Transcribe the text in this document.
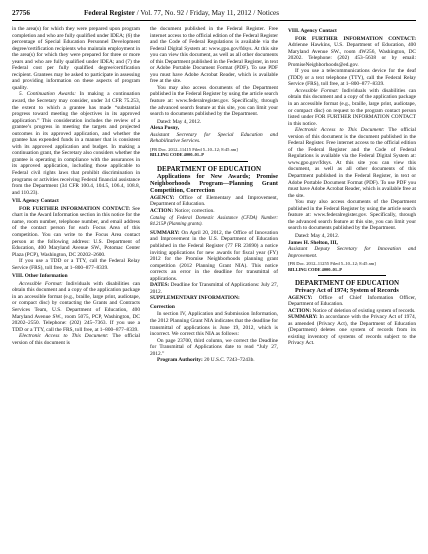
27756	Federal Register / Vol. 77, No. 92 / Friday, May 11, 2012 / Notices

in the area(s) for which they were prepared upon program completion and who are fully qualified under IDEA; (6) the percentage of Special Education Personnel Development degree/certification recipients who maintain employment in the area(s) for which they were prepared for three or more years and who are fully qualified under IDEA; and (7) the Federal cost per fully qualified degree/certification recipient. Grantees may be asked to participate in assessing and providing information on these aspects of program quality.

5. Continuation Awards: In making a continuation award, the Secretary may consider, under 34 CFR 75.253, the extent to which a grantee has made “substantial progress toward meeting the objectives in its approved application.” This consideration includes the review of a grantee’s progress in meeting the targets and projected outcomes in its approved application, and whether the grantee has expended funds in a manner that is consistent with its approved application and budget. In making a continuation grant, the Secretary also considers whether the grantee is operating in compliance with the assurances in its approved application, including those applicable to Federal civil rights laws that prohibit discrimination in programs or activities receiving Federal financial assistance from the Department (34 CFR 100.4, 104.5, 106.4, 108.8, and 110.23).

VII. Agency Contact

FOR FURTHER INFORMATION CONTACT: See chart in the Award Information section in this notice for the name, room number, telephone number, and email address of the contact person for each Focus Area of this competition. You can write to the Focus Area contact person at the following address: U.S. Department of Education, 400 Maryland Avenue SW., Potomac Center Plaza (PCP), Washington, DC 20202–2600.

If you use a TDD or a TTY, call the Federal Relay Service (FRS), toll free, at 1–800–877–8339.

VIII. Other Information

Accessible Format: Individuals with disabilities can obtain this document and a copy of the application package in an accessible format (e.g., braille, large print, audiotape, or compact disc) by contacting the Grants and Contracts Services Team, U.S. Department of Education, 400 Maryland Avenue SW., room 5075, PCP, Washington, DC 20202–2550. Telephone: (202) 245–7363. If you use a TDD or a TTY, call the FRS, toll free, at 1–800–877–8339.

Electronic Access to This Document: The official version of this document is

the document published in the Federal Register. Free internet access to the official edition of the Federal Register and the Code of Federal Regulations is available via the Federal Digital System at: www.gpo.gov/fdsys. At this site you can view this document, as well as all other documents of this Department published in the Federal Register, in text or Adobe Portable Document Format (PDF). To use PDF you must have Adobe Acrobat Reader, which is available free at the site.

You may also access documents of the Department published in the Federal Register by using the article search feature at: www.federalregister.gov. Specifically, through the advanced search feature at this site, you can limit your search to documents published by the Department.

Dated: May 4, 2012.

Alexa Posny,

Assistant Secretary for Special Education and Rehabilitative Services.

[FR Doc. 2012–11415 Filed 5–10–12; 8:45 am]

BILLING CODE 4000–01–P

DEPARTMENT OF EDUCATION

Applications for New Awards; Promise Neighborhoods Program—Planning Grant Competition, Correction

AGENCY: Office of Elementary and Improvement, Department of Education.

ACTION: Notice; correction.

Catalog of Federal Domestic Assistance (CFDA) Number: 84.215P (Planning grants).

SUMMARY: On April 20, 2012, the Office of Innovation and Improvement in the U.S. Department of Education published in the Federal Register (77 FR 23690) a notice inviting applications for new awards for fiscal year (FY) 2012 for the Promise Neighborhoods planning grant competition (2012 Planning Grant NIA). This notice corrects an error in the deadline for transmittal of applications.

DATES: Deadline for Transmittal of Applications: July 27, 2012.

SUPPLEMENTARY INFORMATION:

Correction

In section IV, Application and Submission Information, the 2012 Planning Grant NIA indicates that the deadline for transmittal of applications is June 19, 2012, which is incorrect. We correct this NIA as follows:

On page 23700, third column, we correct the Deadline for Transmittal of Applications date to read “July 27, 2012.”

Program Authority: 20 U.S.C. 7243–7243b.

VIII. Agency Contact

FOR FURTHER INFORMATION CONTACT: Adrienne Hawkins, U.S. Department of Education, 400 Maryland Avenue SW., room 4W256, Washington, DC 20202. Telephone: (202) 453–5638 or by email: PromiseNeighborhoods@ed.gov.

If you use a telecommunications device for the deaf (TDD) or a text telephone (TTY), call the Federal Relay Service (FRS), toll free, at 1–800–877–8339.

Accessible Format: Individuals with disabilities can obtain this document and a copy of the application package in an accessible format (e.g., braille, large print, audiotape, or compact disc) on request to the program contact person listed under FOR FURTHER INFORMATION CONTACT in this notice.

Electronic Access to This Document: The official version of this document is the document published in the Federal Register. Free internet access to the official edition of the Federal Register and the Code of Federal Regulations is available via the Federal Digital System at: www.gpo.gov/fdsys. At this site you can view this document, as well as all other documents of this Department published in the Federal Register, in text or Adobe Portable Document Format (PDF). To use PDF you must have Adobe Acrobat Reader, which is available free at the site.

You may also access documents of the Department published in the Federal Register by using the article search feature at: www.federalregister.gov. Specifically, through the advanced search feature at this site, you can limit your search to documents published by the Department.

Dated: May 4, 2012.

James H. Shelton, III,

Assistant Deputy Secretary for Innovation and Improvement.

[FR Doc. 2012–11255 Filed 5–10–12; 8:45 am]

BILLING CODE 4000–01–P

DEPARTMENT OF EDUCATION

Privacy Act of 1974; System of Records

AGENCY: Office of Chief Information Officer, Department of Education.

ACTION: Notice of deletion of existing system of records.

SUMMARY: In accordance with the Privacy Act of 1974, as amended (Privacy Act), the Department of Education (Department) deletes one system of records from its existing inventory of systems of records subject to the Privacy Act.
